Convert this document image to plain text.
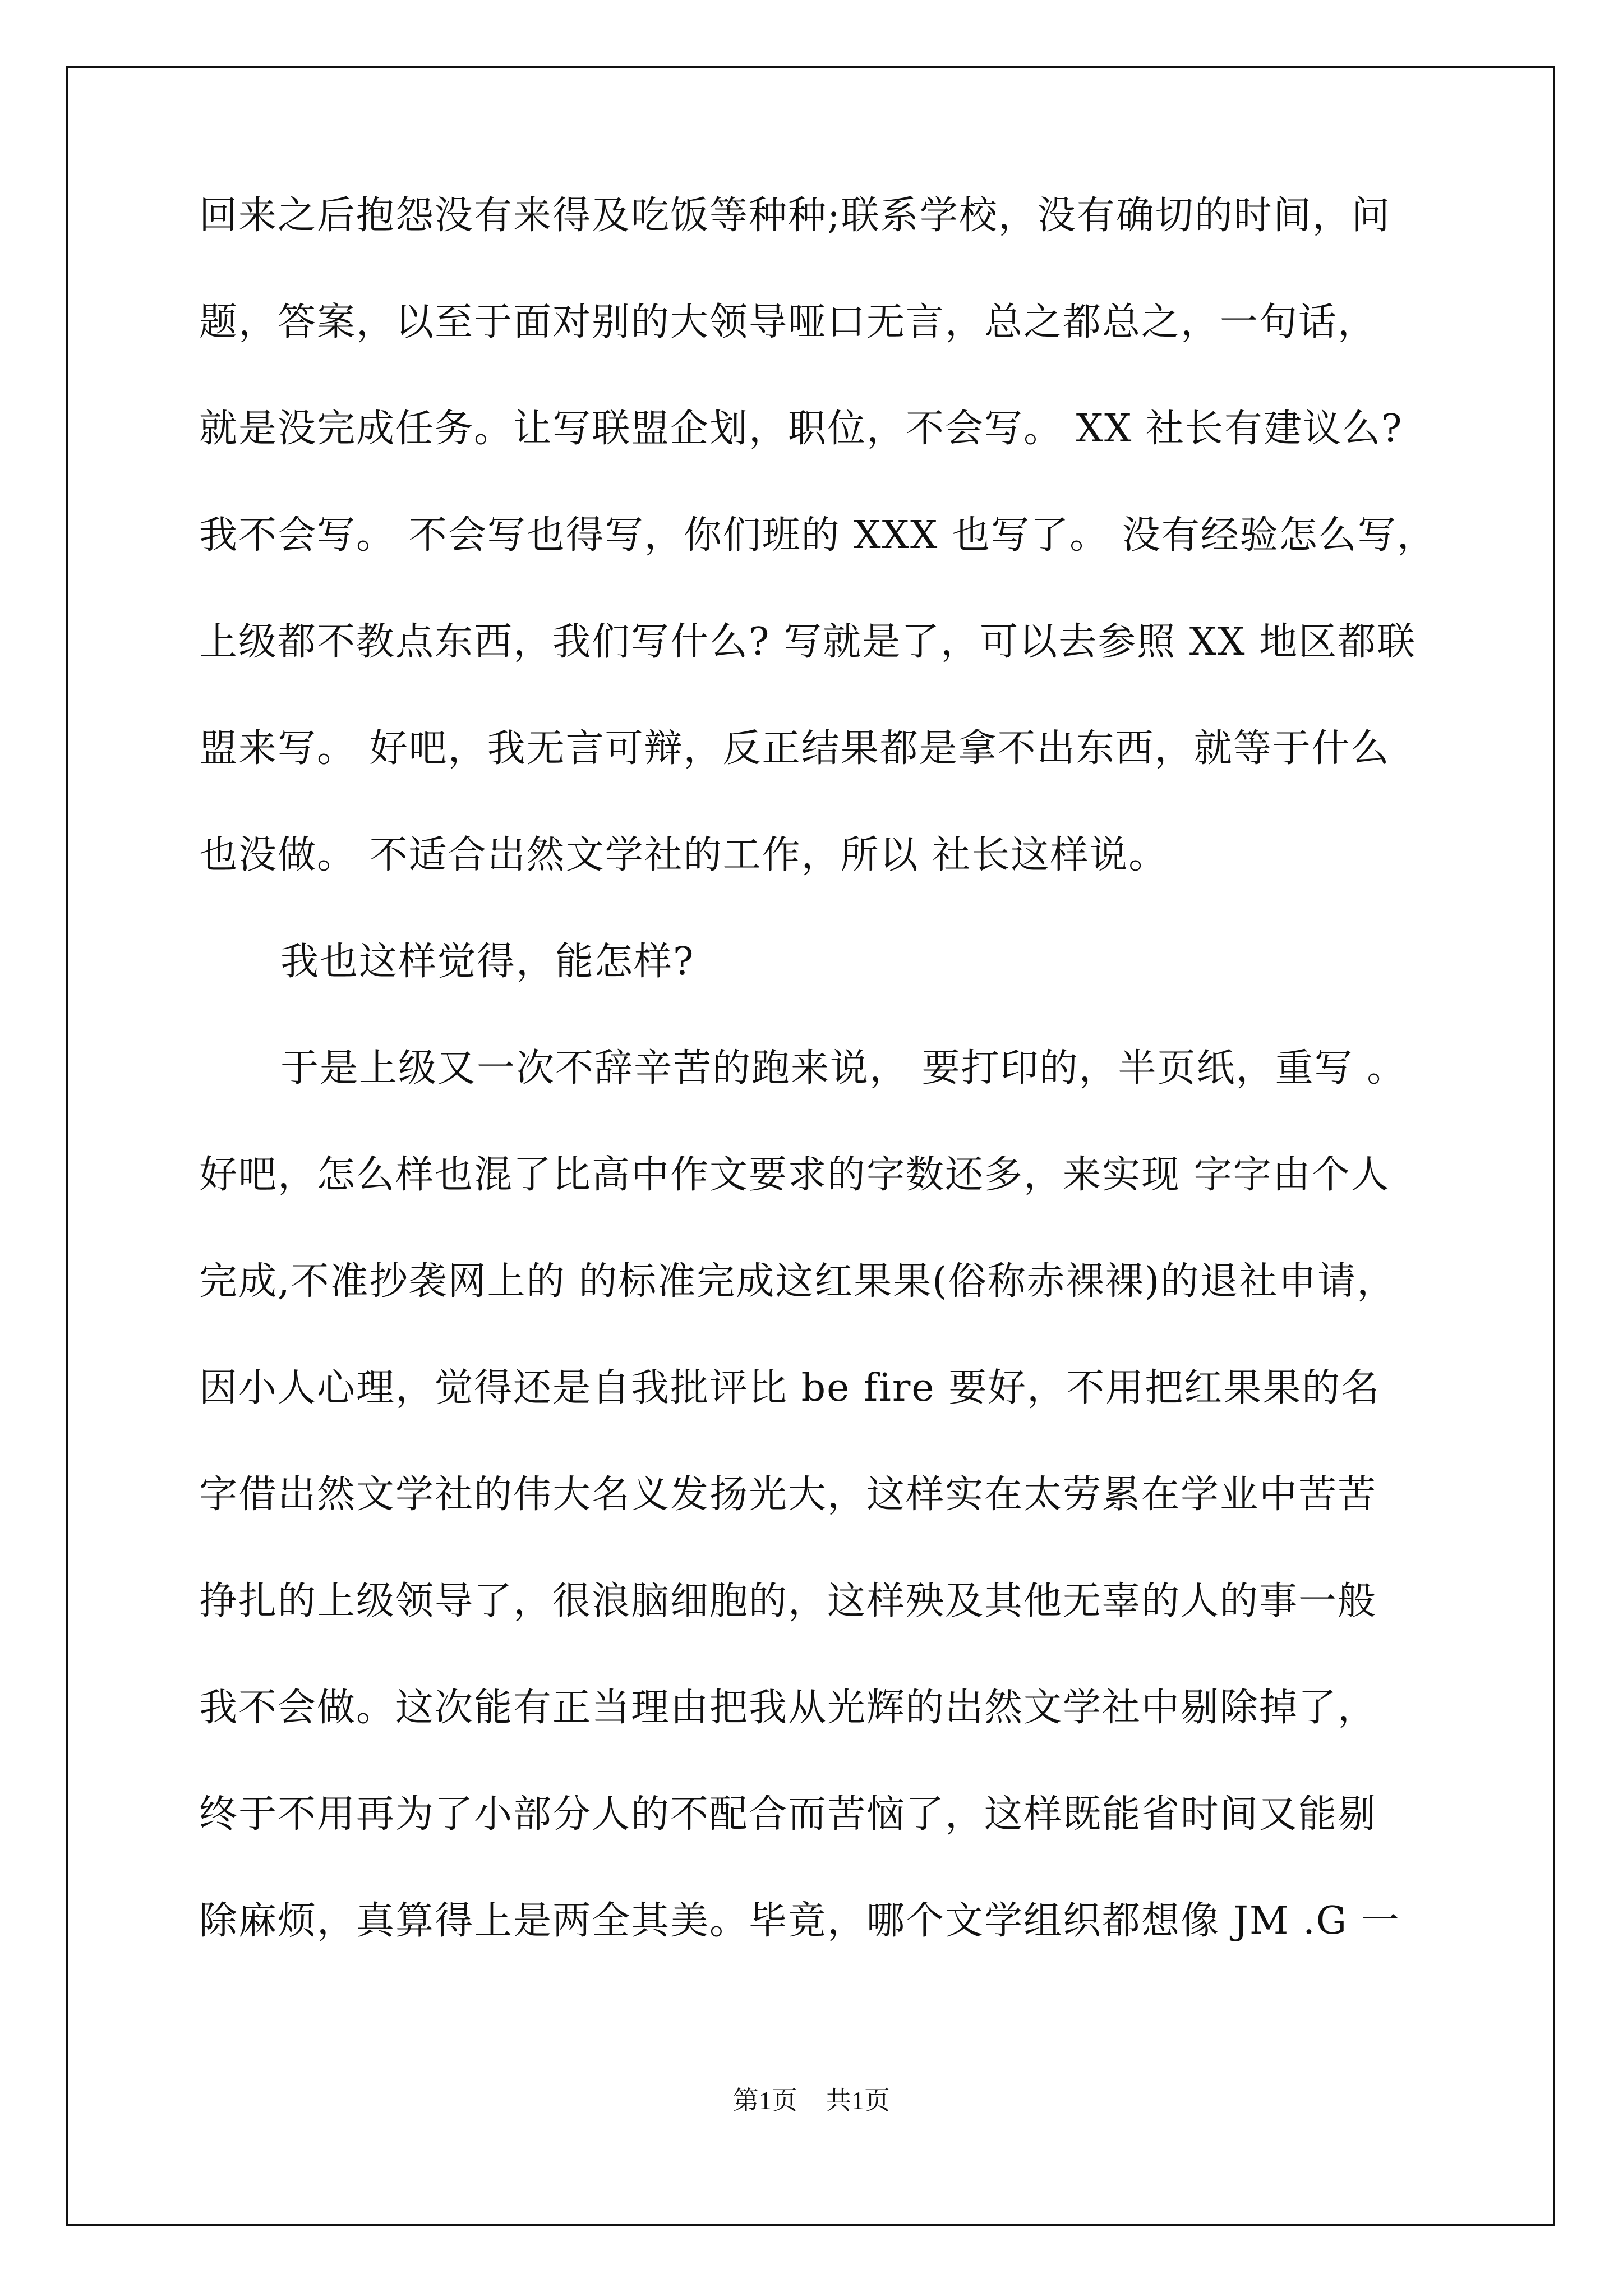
回来之后抱怨没有来得及吃饭等种种;联系学校，没有确切的时间，问
题，答案，以至于面对别的大领导哑口无言，总之都总之，一句话，
就是没完成任务。让写联盟企划，职位，不会写。 XX 社长有建议么?
我不会写。 不会写也得写，你们班的 XXX 也写了。 没有经验怎么写，
上级都不教点东西，我们写什么? 写就是了，可以去参照 XX 地区都联
盟来写。 好吧，我无言可辩，反正结果都是拿不出东西，就等于什么
也没做。 不适合岀然文学社的工作，所以 社长这样说。
我也这样觉得，能怎样?
于是上级又一次不辞辛苦的跑来说， 要打印的，半页纸，重写 。
好吧，怎么样也混了比高中作文要求的字数还多，来实现 字字由个人
完成,不准抄袭网上的 的标准完成这红果果(俗称赤裸裸)的退社申请，
因小人心理，觉得还是自我批评比 be fire 要好，不用把红果果的名
字借岀然文学社的伟大名义发扬光大，这样实在太劳累在学业中苦苦
挣扎的上级领导了，很浪脑细胞的，这样殃及其他无辜的人的事一般
我不会做。这次能有正当理由把我从光辉的岀然文学社中剔除掉了，
终于不用再为了小部分人的不配合而苦恼了，这样既能省时间又能剔
除麻烦，真算得上是两全其美。毕竟，哪个文学组织都想像 JM .G 一
第1页 共1页
